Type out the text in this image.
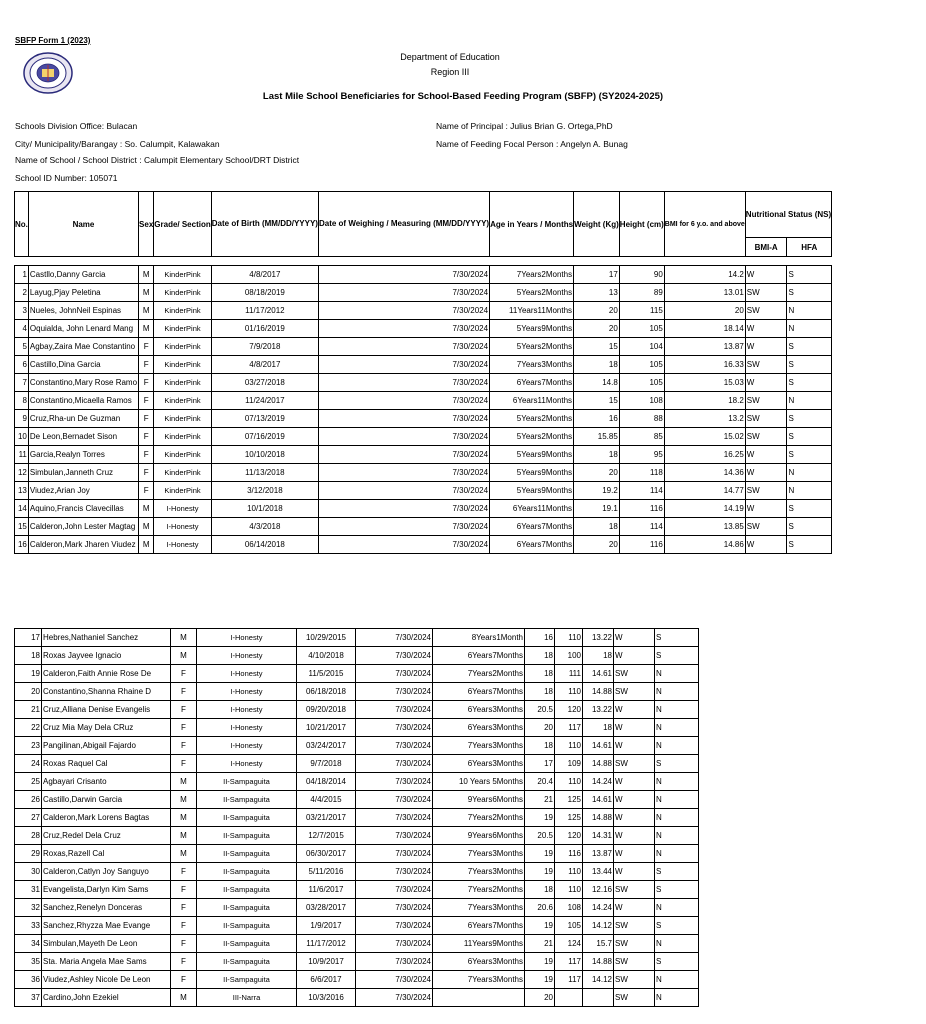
SBFP Form 1 (2023)
Department of Education
Region III
Last Mile School Beneficiaries for School-Based Feeding Program (SBFP) (SY2024-2025)
Schools Division Office: Bulacan
City/ Municipality/Barangay : So. Calumpit, Kalawakan
Name of School / School District : Calumpit Elementary School/DRT District
School ID Number: 105071
Name of Principal : Julius Brian G. Ortega,PhD
Name of Feeding Focal Person : Angelyn A. Bunag
No.	Name	Sex	Grade/ Section	Date of Birth (MM/DD/YYYY)	Date of Weighing / Measuring (MM/DD/YYYY)	Age in Years / Months	Weight (Kg)	Height (cm)	BMI for 6 y.o. and above	Nutritional Status (NS)	
										BMI-A	HFA

1	Castllo,Danny Garcia	M	KinderPink	4/8/2017	7/30/2024	7Years2Months	17	90	14.2	W	S
2	Layug,Pjay Peletina	M	KinderPink	08/18/2019	7/30/2024	5Years2Months	13	89	13.01	SW	S
3	Nueles, JohnNeil Espinas	M	KinderPink	11/17/2012	7/30/2024	11Years11Months	20	115	20	SW	N
4	Oquialda, John Lenard Mang	M	KinderPink	01/16/2019	7/30/2024	5Years9Months	20	105	18.14	W	N
5	Agbay,Zaira Mae Constantino	F	KinderPink	7/9/2018	7/30/2024	5Years2Months	15	104	13.87	W	S
6	Castillo,Dina Garcia	F	KinderPink	4/8/2017	7/30/2024	7Years3Months	18	105	16.33	SW	S
7	Constantino,Mary Rose Ramo	F	KinderPink	03/27/2018	7/30/2024	6Years7Months	14.8	105	15.03	W	S
8	Constantino,Micaella Ramos	F	KinderPink	11/24/2017	7/30/2024	6Years11Months	15	108	18.2	SW	N
9	Cruz,Rha-un De Guzman	F	KinderPink	07/13/2019	7/30/2024	5Years2Months	16	88	13.2	SW	S
10	De Leon,Bernadet Sison	F	KinderPink	07/16/2019	7/30/2024	5Years2Months	15.85	85	15.02	SW	S
11	Garcia,Realyn Torres	F	KinderPink	10/10/2018	7/30/2024	5Years9Months	18	95	16.25	W	S
12	Simbulan,Janneth Cruz	F	KinderPink	11/13/2018	7/30/2024	5Years9Months	20	118	14.36	W	N
13	Viudez,Arian Joy	F	KinderPink	3/12/2018	7/30/2024	5Years9Months	19.2	114	14.77	SW	N
14	Aquino,Francis Clavecillas	M	I-Honesty	10/1/2018	7/30/2024	6Years11Months	19.1	116	14.19	W	S
15	Calderon,John Lester Magtag	M	I-Honesty	4/3/2018	7/30/2024	6Years7Months	18	114	13.85	SW	S
16	Calderon,Mark Jharen Viudez	M	I-Honesty	06/14/2018	7/30/2024	6Years7Months	20	116	14.86	W	S
17	Hebres,Nathaniel Sanchez	M	I-Honesty	10/29/2015	7/30/2024	8Years1Month	16	110	13.22	W	S
18	Roxas Jayvee Ignacio	M	I-Honesty	4/10/2018	7/30/2024	6Years7Months	18	100	18	W	S
19	Calderon,Faith Annie Rose De	F	I-Honesty	11/5/2015	7/30/2024	7Years2Months	18	111	14.61	SW	N
20	Constantino,Shanna Rhaine D	F	I-Honesty	06/18/2018	7/30/2024	6Years7Months	18	110	14.88	SW	N
21	Cruz,Alliana Denise Evangelis	F	I-Honesty	09/20/2018	7/30/2024	6Years3Months	20.5	120	13.22	W	N
22	Cruz Mia May Dela CRuz	F	I-Honesty	10/21/2017	7/30/2024	6Years3Months	20	117	18	W	N
23	Pangilinan,Abigail Fajardo	F	I-Honesty	03/24/2017	7/30/2024	7Years3Months	18	110	14.61	W	N
24	Roxas Raquel Cal	F	I-Honesty	9/7/2018	7/30/2024	6Years3Months	17	109	14.88	SW	S
25	Agbayari Crisanto	M	II-Sampaguita	04/18/2014	7/30/2024	10 Years 5Months	20.4	110	14.24	W	N
26	Castillo,Darwin Garcia	M	II-Sampaguita	4/4/2015	7/30/2024	9Years6Months	21	125	14.61	W	N
27	Calderon,Mark Lorens Bagtas	M	II-Sampaguita	03/21/2017	7/30/2024	7Years2Months	19	125	14.88	W	N
28	Cruz,Redel Dela Cruz	M	II-Sampaguita	12/7/2015	7/30/2024	9Years6Months	20.5	120	14.31	W	N
29	Roxas,Razell Cal	M	II-Sampaguita	06/30/2017	7/30/2024	7Years3Months	19	116	13.87	W	N
30	Calderon,Catlyn Joy Sanguyo	F	II-Sampaguita	5/11/2016	7/30/2024	7Years3Months	19	110	13.44	W	S
31	Evangelista,Darlyn Kim Sams	F	II-Sampaguita	11/6/2017	7/30/2024	7Years2Months	18	110	12.16	SW	S
32	Sanchez,Renelyn Donceras	F	II-Sampaguita	03/28/2017	7/30/2024	7Years3Months	20.6	108	14.24	W	N
33	Sanchez,Rhyzza Mae Evange	F	II-Sampaguita	1/9/2017	7/30/2024	6Years7Months	19	105	14.12	SW	S
34	Simbulan,Mayeth De Leon	F	II-Sampaguita	11/17/2012	7/30/2024	11Years9Months	21	124	15.7	SW	N
35	Sta. Maria Angela Mae Sams	F	II-Sampaguita	10/9/2017	7/30/2024	6Years3Months	19	117	14.88	SW	S
36	Viudez,Ashley Nicole De Leon	F	II-Sampaguita	6/6/2017	7/30/2024	7Years3Months	19	117	14.12	SW	N
37	Cardino,John Ezekiel	M	III-Narra	10/3/2016	7/30/2024		20			SW	N
